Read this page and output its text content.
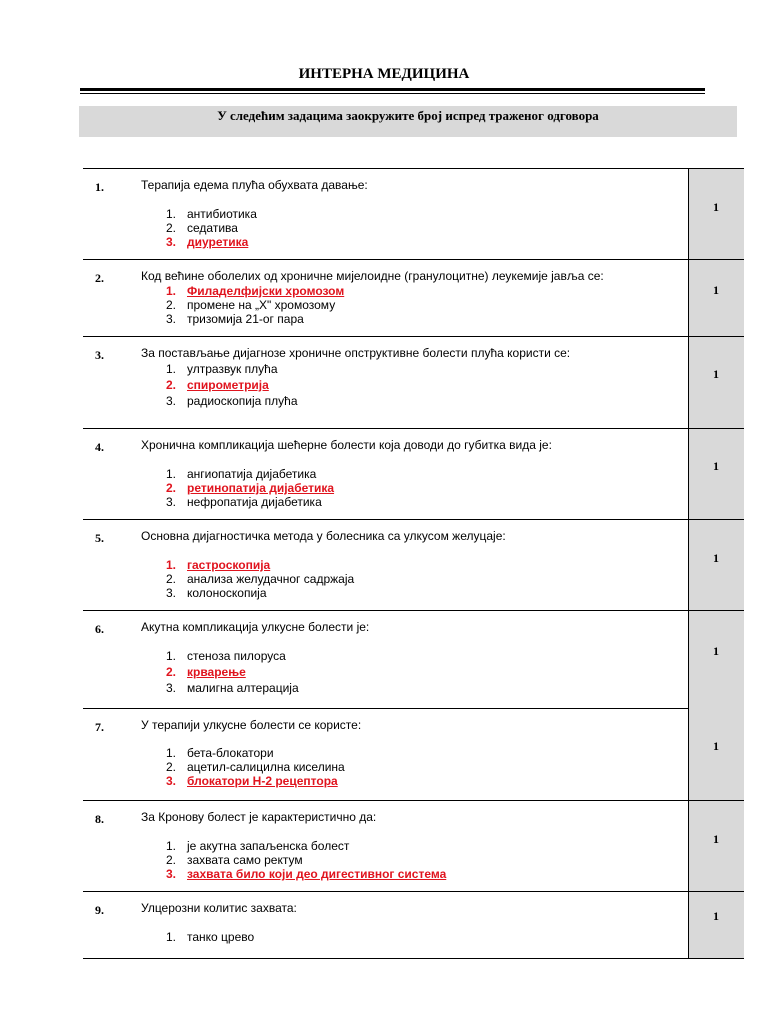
ИНТЕРНА МЕДИЦИНА
У следећим задацима заокружите број испред траженог одговора
1.	Терапија едема плућа обухвата давање:
1. антибиотика
2. седатива
3. диуретика
1
2.	Код већине оболелих од хроничне мијелоидне (гранулоцитне) леукемије јавља се:
1. Филаделфијски хромозом
2. промене на „X" хромозому
3. тризомија 21-ог пара
1
3.	За постављање дијагнозе хроничне опструктивне болести плућа користи се:
1. ултразвук плућа
2. спирометрија
3. радиоскопија плућа
1
4.	Хронична компликација шећерне болести која доводи до губитка вида је:
1. ангиопатија дијабетика
2. ретинопатија дијабетика
3. нефропатија дијабетика
1
5.	Основна дијагностичка метода у болесника са улкусом желуцаје:
1. гастроскопија
2. анализа желудачног садржаја
3. колоноскопија
1
6.	Акутна компликација улкусне болести је:
1. стеноза пилоруса
2. крварење
3. малигна алтерација
1
7.	У терапији улкусне болести се користе:
1. бета-блокатори
2. ацетил-салицилна киселина
3. блокатори H-2 рецептора
1
8.	За Кронову болест је карактеристично да:
1. је акутна запаљенска болест
2. захвата само ректум
3. захвата било који део дигестивног система
1
9.	Улцерозни колитис захвата:
1. танко црево
1
